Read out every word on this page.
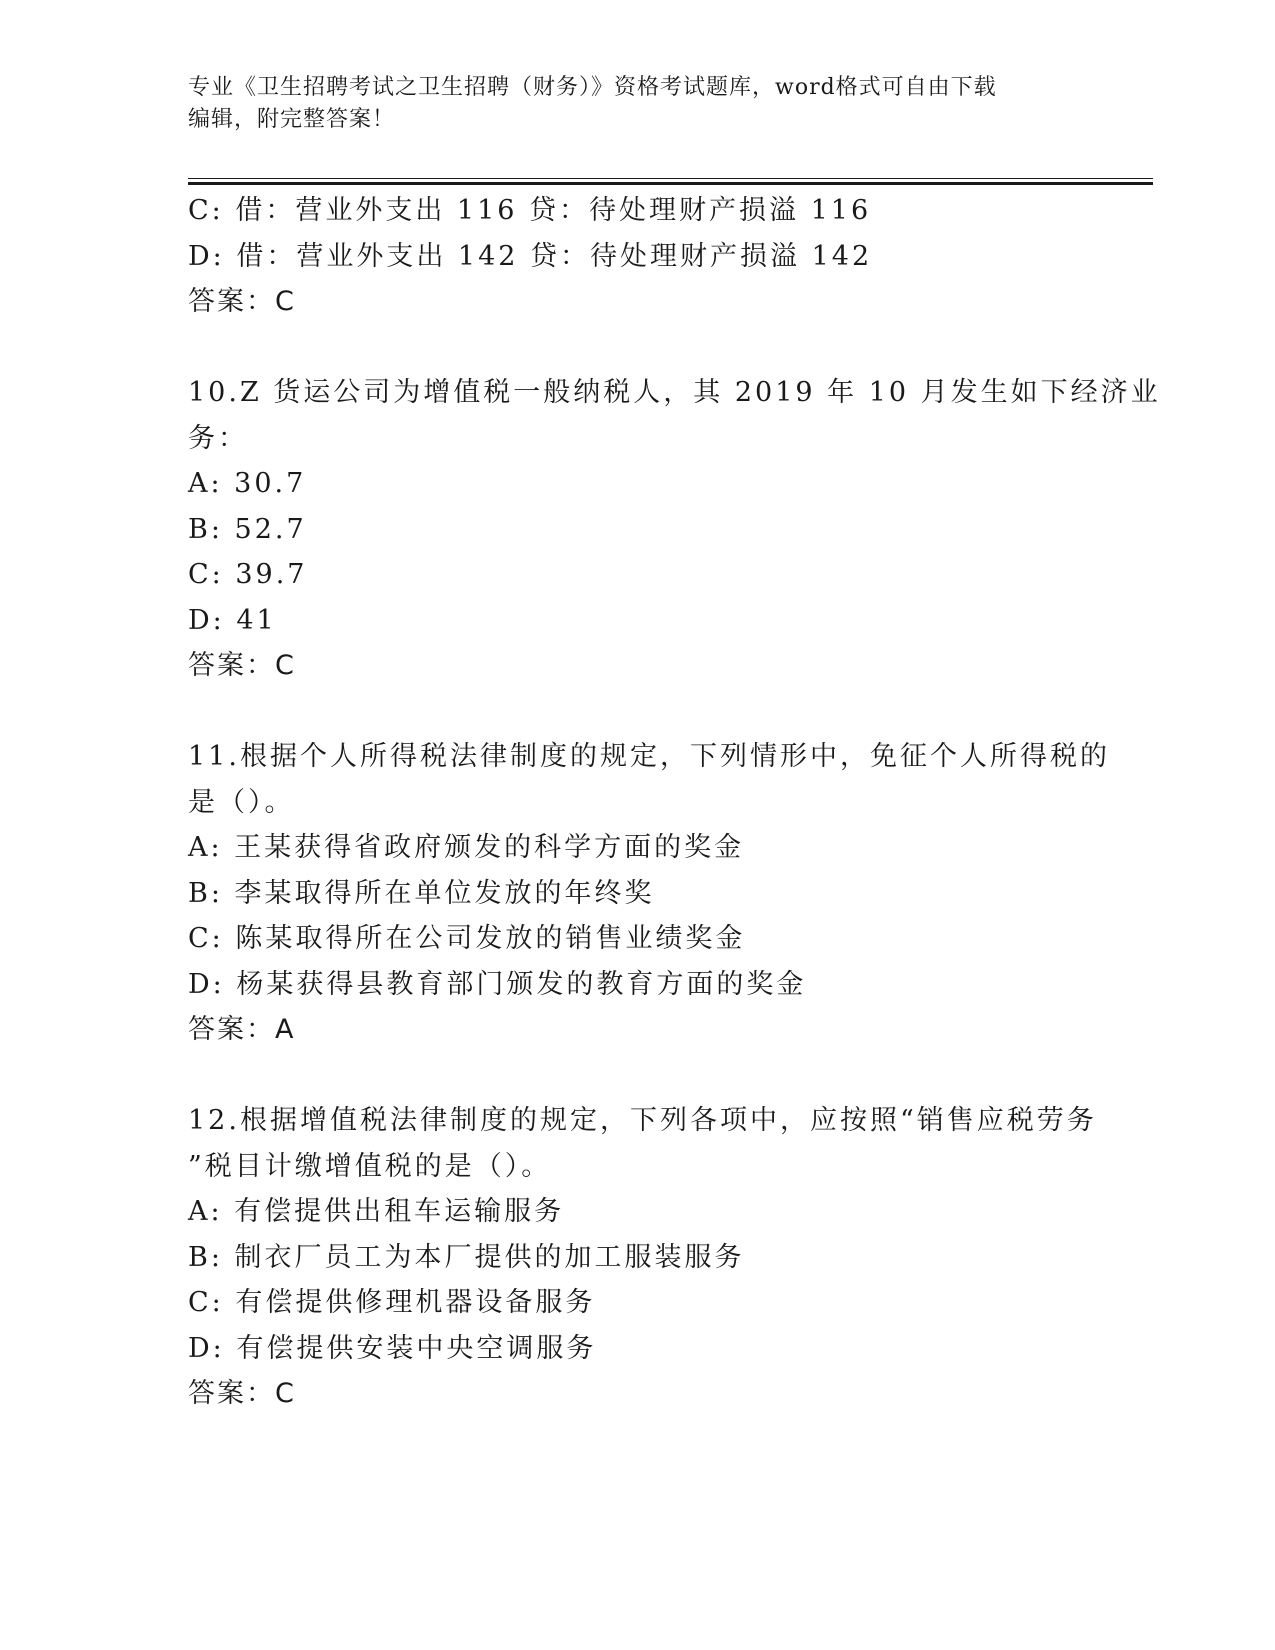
专业《卫生招聘考试之卫生招聘（财务）》资格考试题库，word格式可自由下载
编辑，附完整答案！
C: 借：营业外支出 116 贷：待处理财产损溢 116
D: 借：营业外支出 142 贷：待处理财产损溢 142
答案：C
10.Z 货运公司为增值税一般纳税人，其 2019 年 10 月发生如下经济业
务：
A: 30.7
B: 52.7
C: 39.7
D: 41
答案：C
11.根据个人所得税法律制度的规定，下列情形中，免征个人所得税的
是（）。
A: 王某获得省政府颁发的科学方面的奖金
B: 李某取得所在单位发放的年终奖
C: 陈某取得所在公司发放的销售业绩奖金
D: 杨某获得县教育部门颁发的教育方面的奖金
答案：A
12.根据增值税法律制度的规定，下列各项中，应按照“销售应税劳务
”税目计缴增值税的是（）。
A: 有偿提供出租车运输服务
B: 制衣厂员工为本厂提供的加工服装服务
C: 有偿提供修理机器设备服务
D: 有偿提供安装中央空调服务
答案：C
